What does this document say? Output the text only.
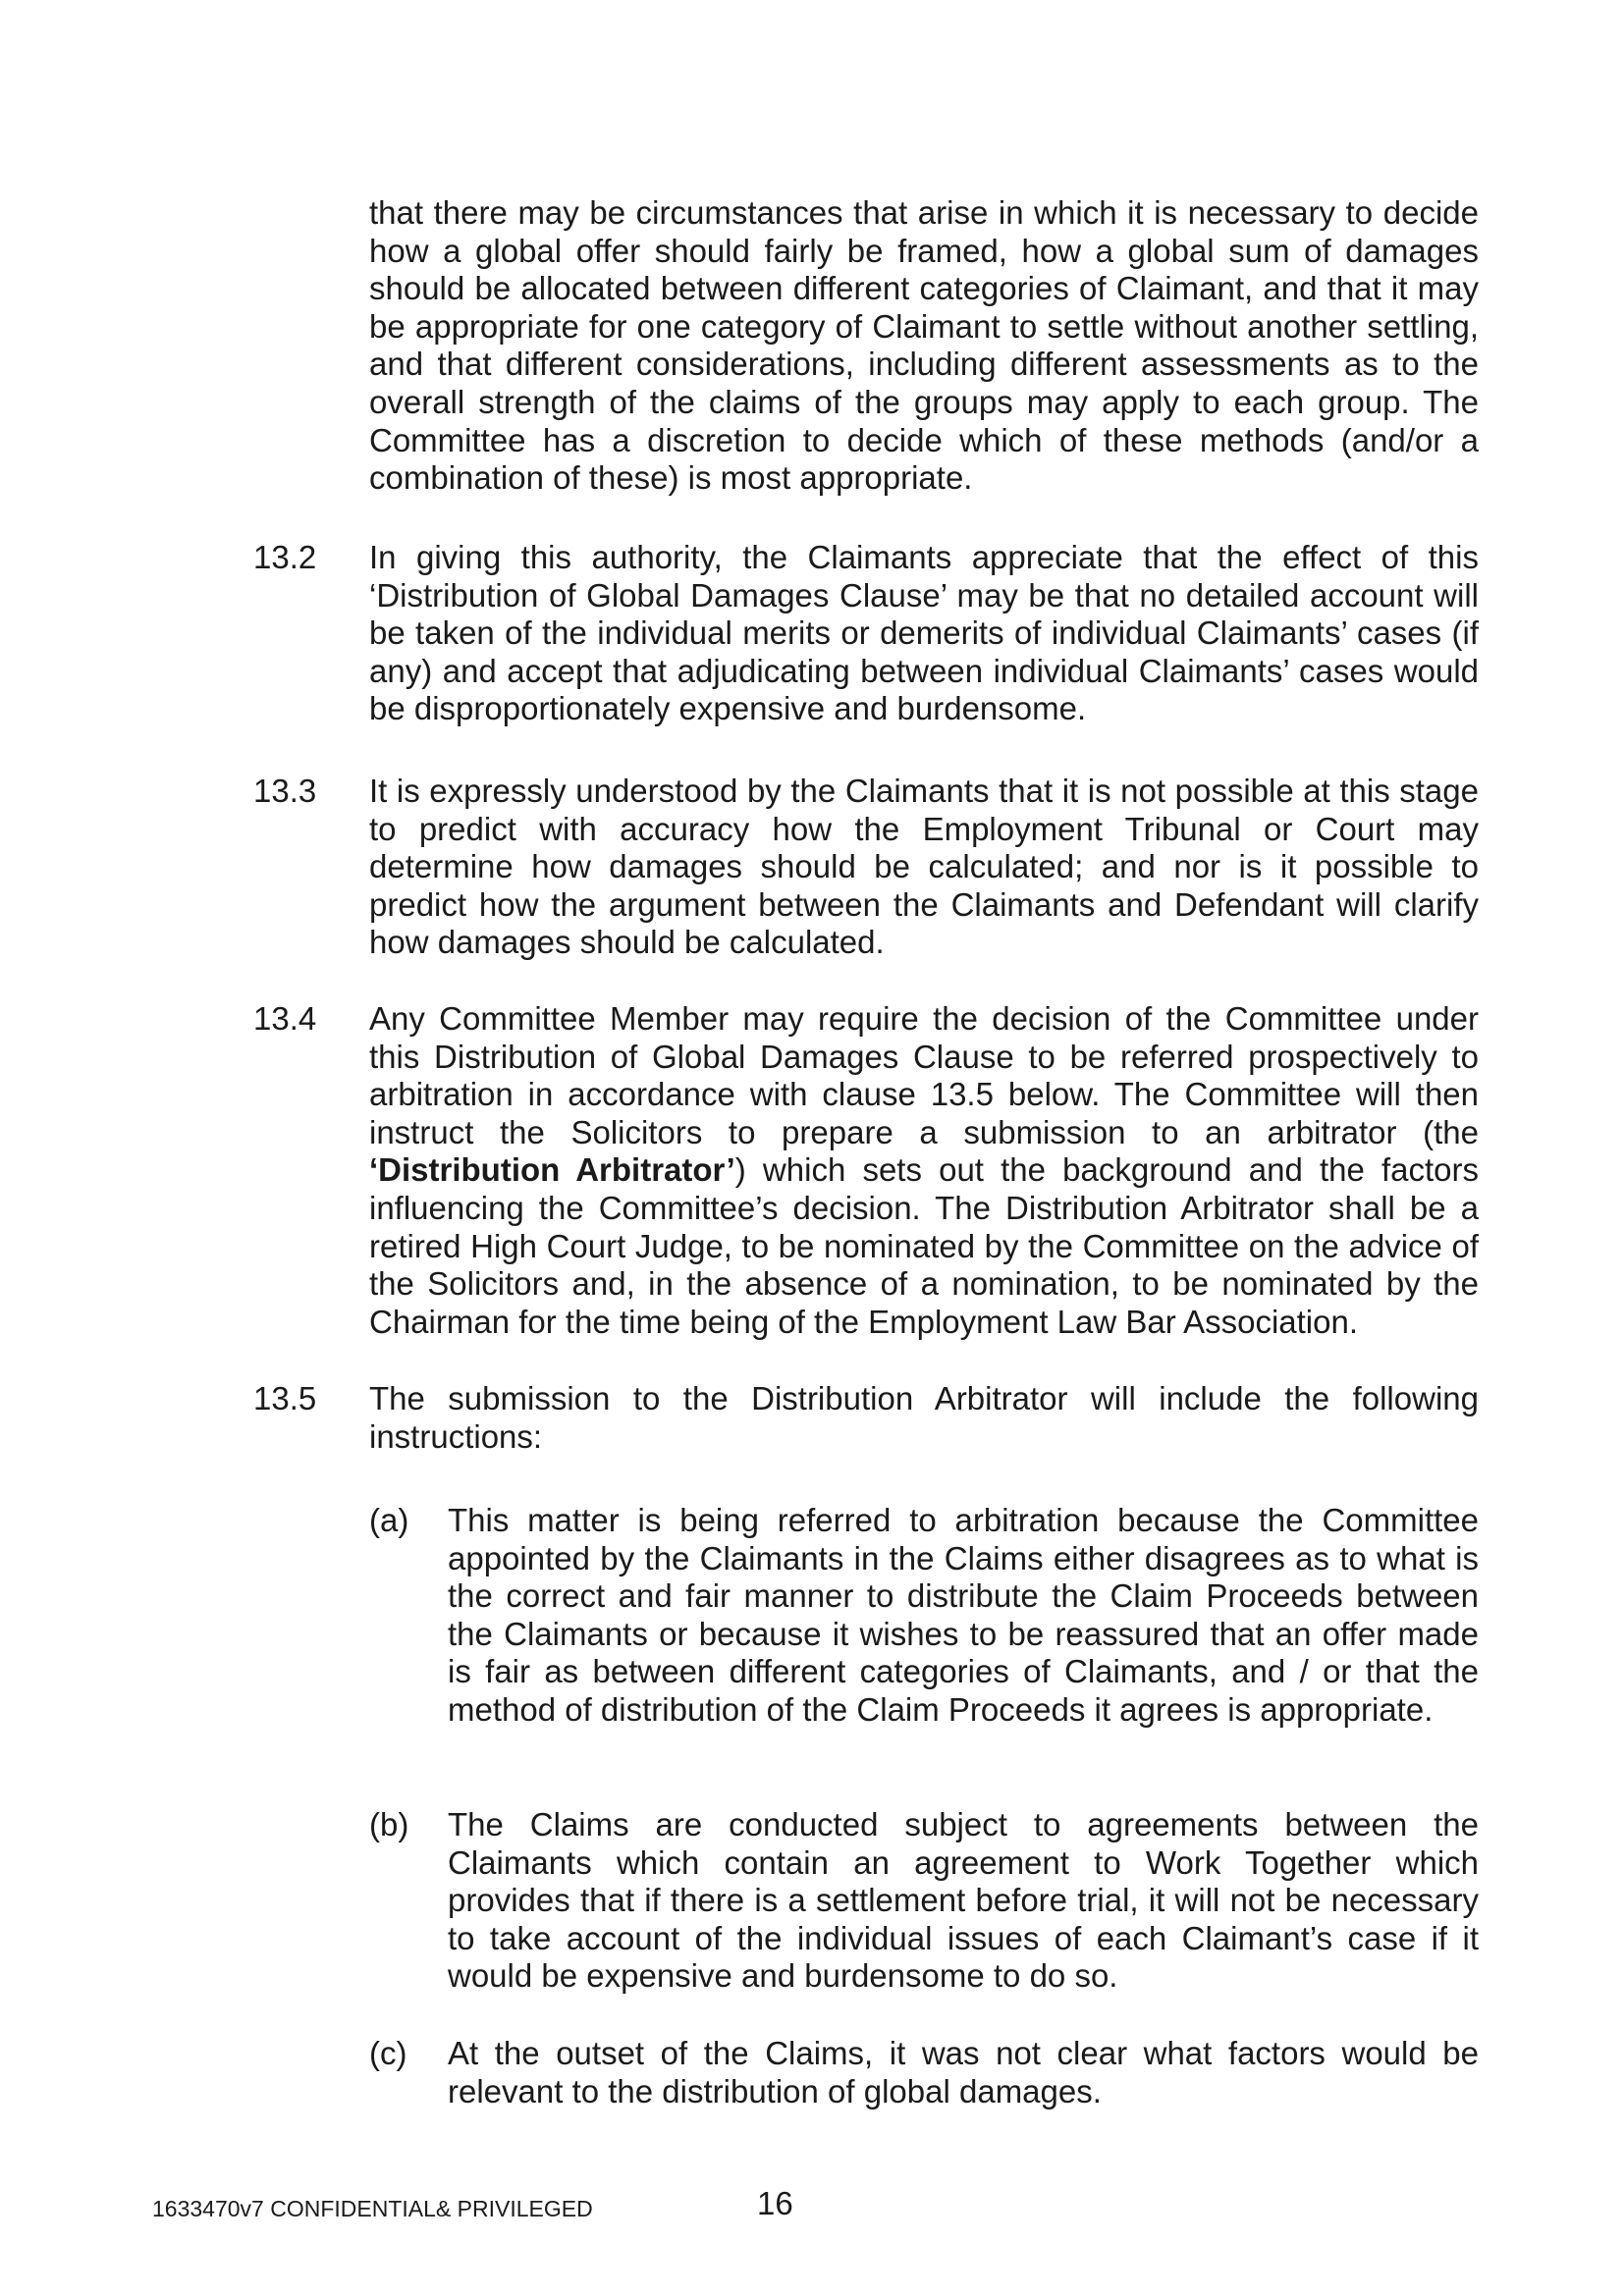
that there may be circumstances that arise in which it is necessary to decide how a global offer should fairly be framed, how a global sum of damages should be allocated between different categories of Claimant, and that it may be appropriate for one category of Claimant to settle without another settling, and that different considerations, including different assessments as to the overall strength of the claims of the groups may apply to each group. The Committee has a discretion to decide which of these methods (and/or a combination of these) is most appropriate.

13.2 In giving this authority, the Claimants appreciate that the effect of this ‘Distribution of Global Damages Clause’ may be that no detailed account will be taken of the individual merits or demerits of individual Claimants’ cases (if any) and accept that adjudicating between individual Claimants’ cases would be disproportionately expensive and burdensome.

13.3 It is expressly understood by the Claimants that it is not possible at this stage to predict with accuracy how the Employment Tribunal or Court may determine how damages should be calculated; and nor is it possible to predict how the argument between the Claimants and Defendant will clarify how damages should be calculated.

13.4 Any Committee Member may require the decision of the Committee under this Distribution of Global Damages Clause to be referred prospectively to arbitration in accordance with clause 13.5 below. The Committee will then instruct the Solicitors to prepare a submission to an arbitrator (the ‘Distribution Arbitrator’) which sets out the background and the factors influencing the Committee’s decision. The Distribution Arbitrator shall be a retired High Court Judge, to be nominated by the Committee on the advice of the Solicitors and, in the absence of a nomination, to be nominated by the Chairman for the time being of the Employment Law Bar Association.

13.5 The submission to the Distribution Arbitrator will include the following instructions:

(a) This matter is being referred to arbitration because the Committee appointed by the Claimants in the Claims either disagrees as to what is the correct and fair manner to distribute the Claim Proceeds between the Claimants or because it wishes to be reassured that an offer made is fair as between different categories of Claimants, and / or that the method of distribution of the Claim Proceeds it agrees is appropriate.

(b) The Claims are conducted subject to agreements between the Claimants which contain an agreement to Work Together which provides that if there is a settlement before trial, it will not be necessary to take account of the individual issues of each Claimant’s case if it would be expensive and burdensome to do so.

(c) At the outset of the Claims, it was not clear what factors would be relevant to the distribution of global damages.

1633470v7 CONFIDENTIAL& PRIVILEGED	16
